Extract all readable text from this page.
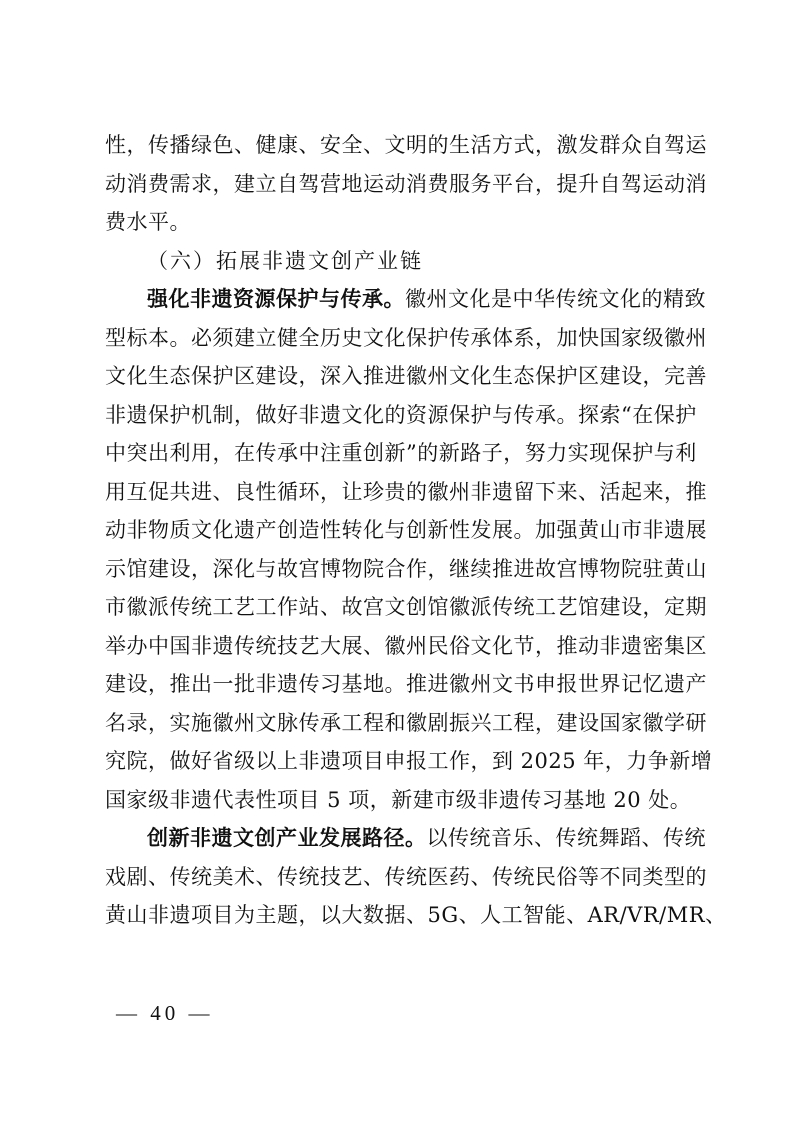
性，传播绿色、健康、安全、文明的生活方式，激发群众自驾运
动消费需求，建立自驾营地运动消费服务平台，提升自驾运动消
费水平。
（六）拓展非遗文创产业链
强化非遗资源保护与传承。徽州文化是中华传统文化的精致
型标本。必须建立健全历史文化保护传承体系，加快国家级徽州
文化生态保护区建设，深入推进徽州文化生态保护区建设，完善
非遗保护机制，做好非遗文化的资源保护与传承。探索“在保护
中突出利用，在传承中注重创新”的新路子，努力实现保护与利
用互促共进、良性循环，让珍贵的徽州非遗留下来、活起来，推
动非物质文化遗产创造性转化与创新性发展。加强黄山市非遗展
示馆建设，深化与故宫博物院合作，继续推进故宫博物院驻黄山
市徽派传统工艺工作站、故宫文创馆徽派传统工艺馆建设，定期
举办中国非遗传统技艺大展、徽州民俗文化节，推动非遗密集区
建设，推出一批非遗传习基地。推进徽州文书申报世界记忆遗产
名录，实施徽州文脉传承工程和徽剧振兴工程，建设国家徽学研
究院，做好省级以上非遗项目申报工作，到 2025 年，力争新增
国家级非遗代表性项目 5 项，新建市级非遗传习基地 20 处。
创新非遗文创产业发展路径。以传统音乐、传统舞蹈、传统
戏剧、传统美术、传统技艺、传统医药、传统民俗等不同类型的
黄山非遗项目为主题，以大数据、5G、人工智能、AR/VR/MR、
— 40 —
